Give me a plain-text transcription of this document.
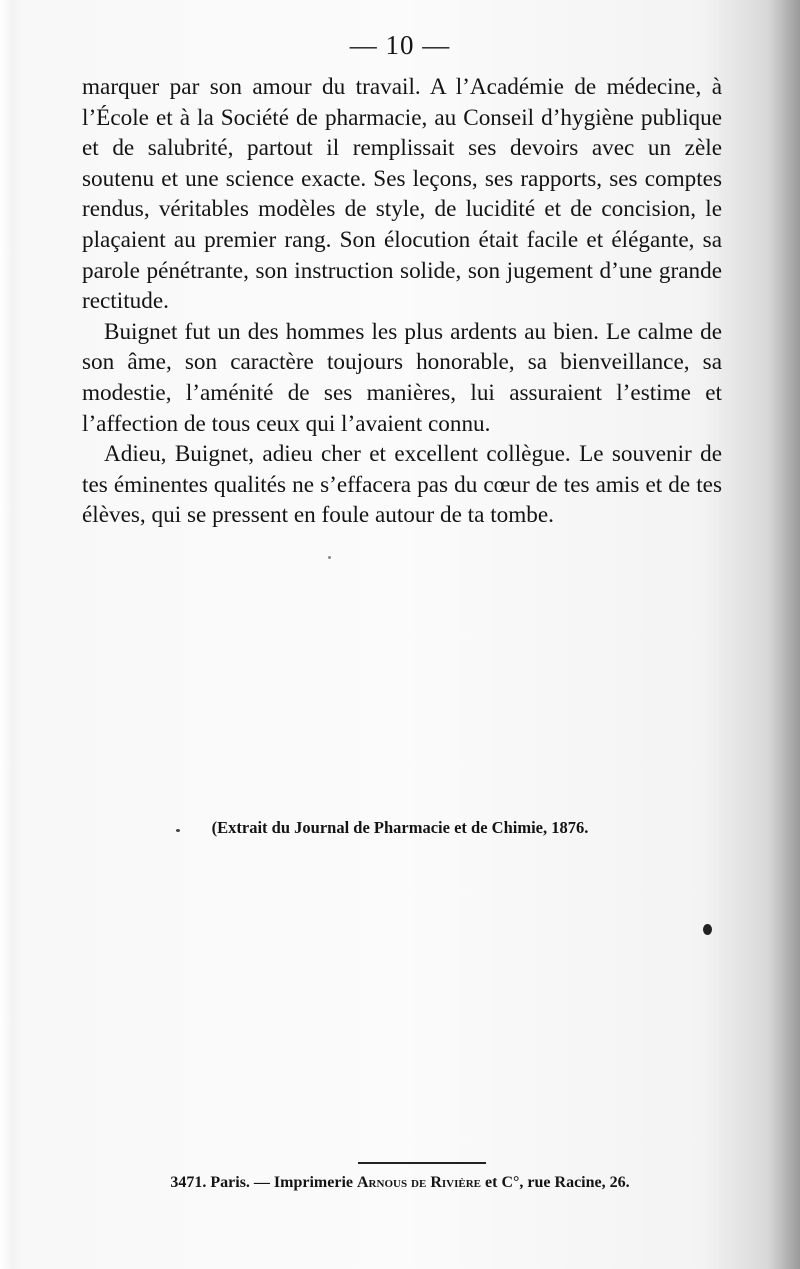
— 10 —

marquer par son amour du travail. A l’Académie de médecine, à l’École et à la Société de pharmacie, au Conseil d’hygiène publique et de salubrité, partout il remplissait ses devoirs avec un zèle soutenu et une science exacte. Ses leçons, ses rapports, ses comptes rendus, véritables modèles de style, de lucidité et de concision, le plaçaient au premier rang. Son élocution était facile et élégante, sa parole pénétrante, son instruction solide, son jugement d’une grande rectitude.

Buignet fut un des hommes les plus ardents au bien. Le calme de son âme, son caractère toujours honorable, sa bienveillance, sa modestie, l’aménité de ses manières, lui assuraient l’estime et l’affection de tous ceux qui l’avaient connu.

Adieu, Buignet, adieu cher et excellent collègue. Le souvenir de tes éminentes qualités ne s’effacera pas du cœur de tes amis et de tes élèves, qui se pressent en foule autour de ta tombe.

(Extrait du Journal de Pharmacie et de Chimie, 1876.
3471. Paris. — Imprimerie Arnous de Rivière et C°, rue Racine, 26.
